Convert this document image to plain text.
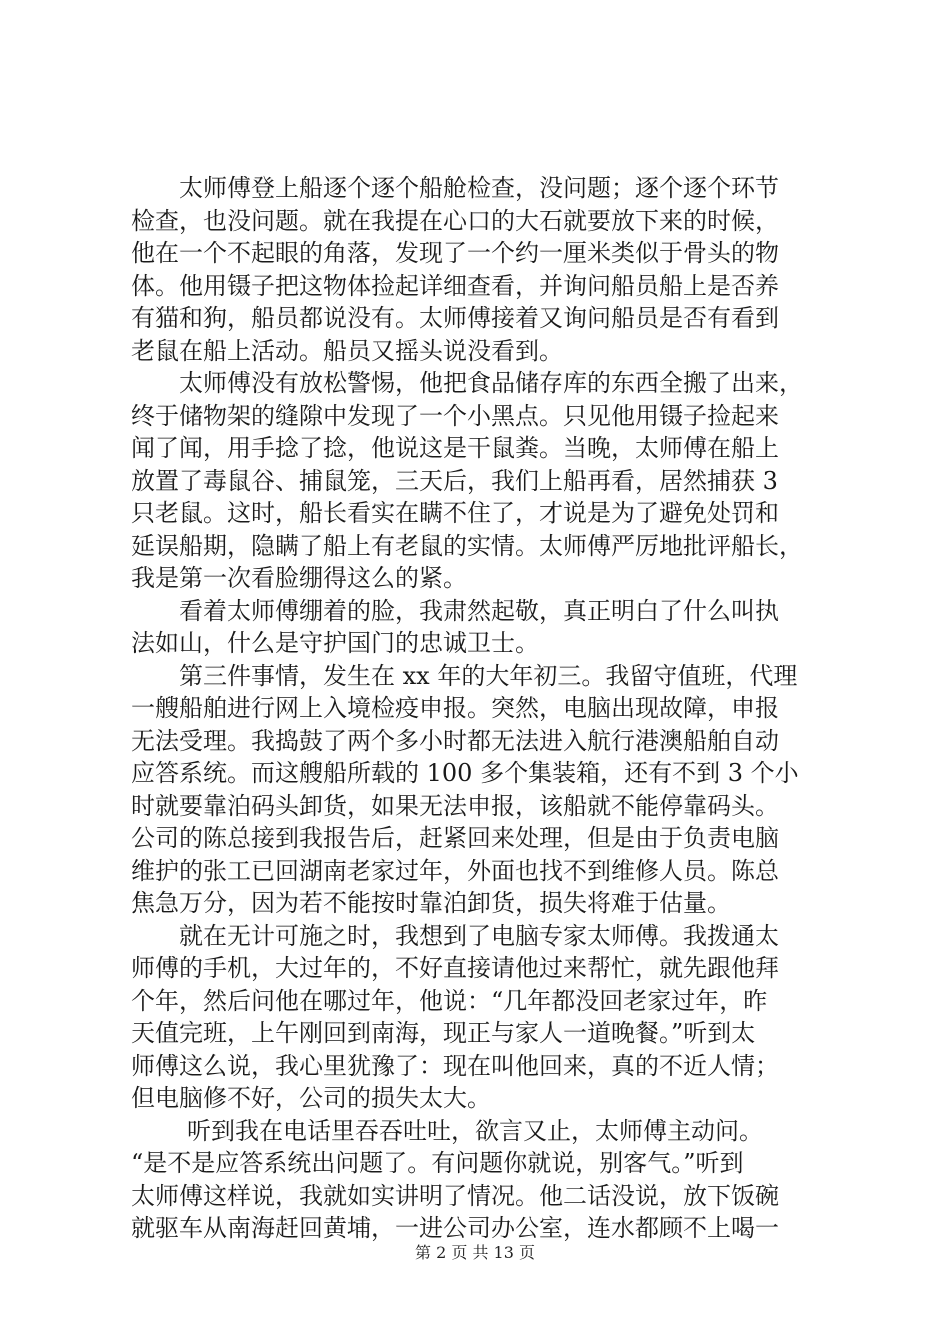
太师傅登上船逐个逐个船舱检查，没问题；逐个逐个环节
检查，也没问题。就在我提在心口的大石就要放下来的时候，
他在一个不起眼的角落，发现了一个约一厘米类似于骨头的物
体。他用镊子把这物体捡起详细查看，并询问船员船上是否养
有猫和狗，船员都说没有。太师傅接着又询问船员是否有看到
老鼠在船上活动。船员又摇头说没看到。
太师傅没有放松警惕，他把食品储存库的东西全搬了出来，
终于储物架的缝隙中发现了一个小黑点。只见他用镊子捡起来
闻了闻，用手捻了捻，他说这是干鼠粪。当晚，太师傅在船上
放置了毒鼠谷、捕鼠笼，三天后，我们上船再看，居然捕获 3
只老鼠。这时，船长看实在瞒不住了，才说是为了避免处罚和
延误船期，隐瞒了船上有老鼠的实情。太师傅严厉地批评船长，
我是第一次看脸绷得这么的紧。
看着太师傅绷着的脸，我肃然起敬，真正明白了什么叫执
法如山，什么是守护国门的忠诚卫士。
第三件事情，发生在 xx 年的大年初三。我留守值班，代理
一艘船舶进行网上入境检疫申报。突然，电脑出现故障，申报
无法受理。我捣鼓了两个多小时都无法进入航行港澳船舶自动
应答系统。而这艘船所载的 100 多个集装箱，还有不到 3 个小
时就要靠泊码头卸货，如果无法申报，该船就不能停靠码头。
公司的陈总接到我报告后，赶紧回来处理，但是由于负责电脑
维护的张工已回湖南老家过年，外面也找不到维修人员。陈总
焦急万分，因为若不能按时靠泊卸货，损失将难于估量。
就在无计可施之时，我想到了电脑专家太师傅。我拨通太
师傅的手机，大过年的，不好直接请他过来帮忙，就先跟他拜
个年，然后问他在哪过年，他说：“几年都没回老家过年，昨
天值完班，上午刚回到南海，现正与家人一道晚餐。”听到太
师傅这么说，我心里犹豫了：现在叫他回来，真的不近人情；
但电脑修不好，公司的损失太大。
听到我在电话里吞吞吐吐，欲言又止，太师傅主动问。
“是不是应答系统出问题了。有问题你就说，别客气。”听到
太师傅这样说，我就如实讲明了情况。他二话没说，放下饭碗
就驱车从南海赶回黄埔，一进公司办公室，连水都顾不上喝一
第 2 页 共 13 页
